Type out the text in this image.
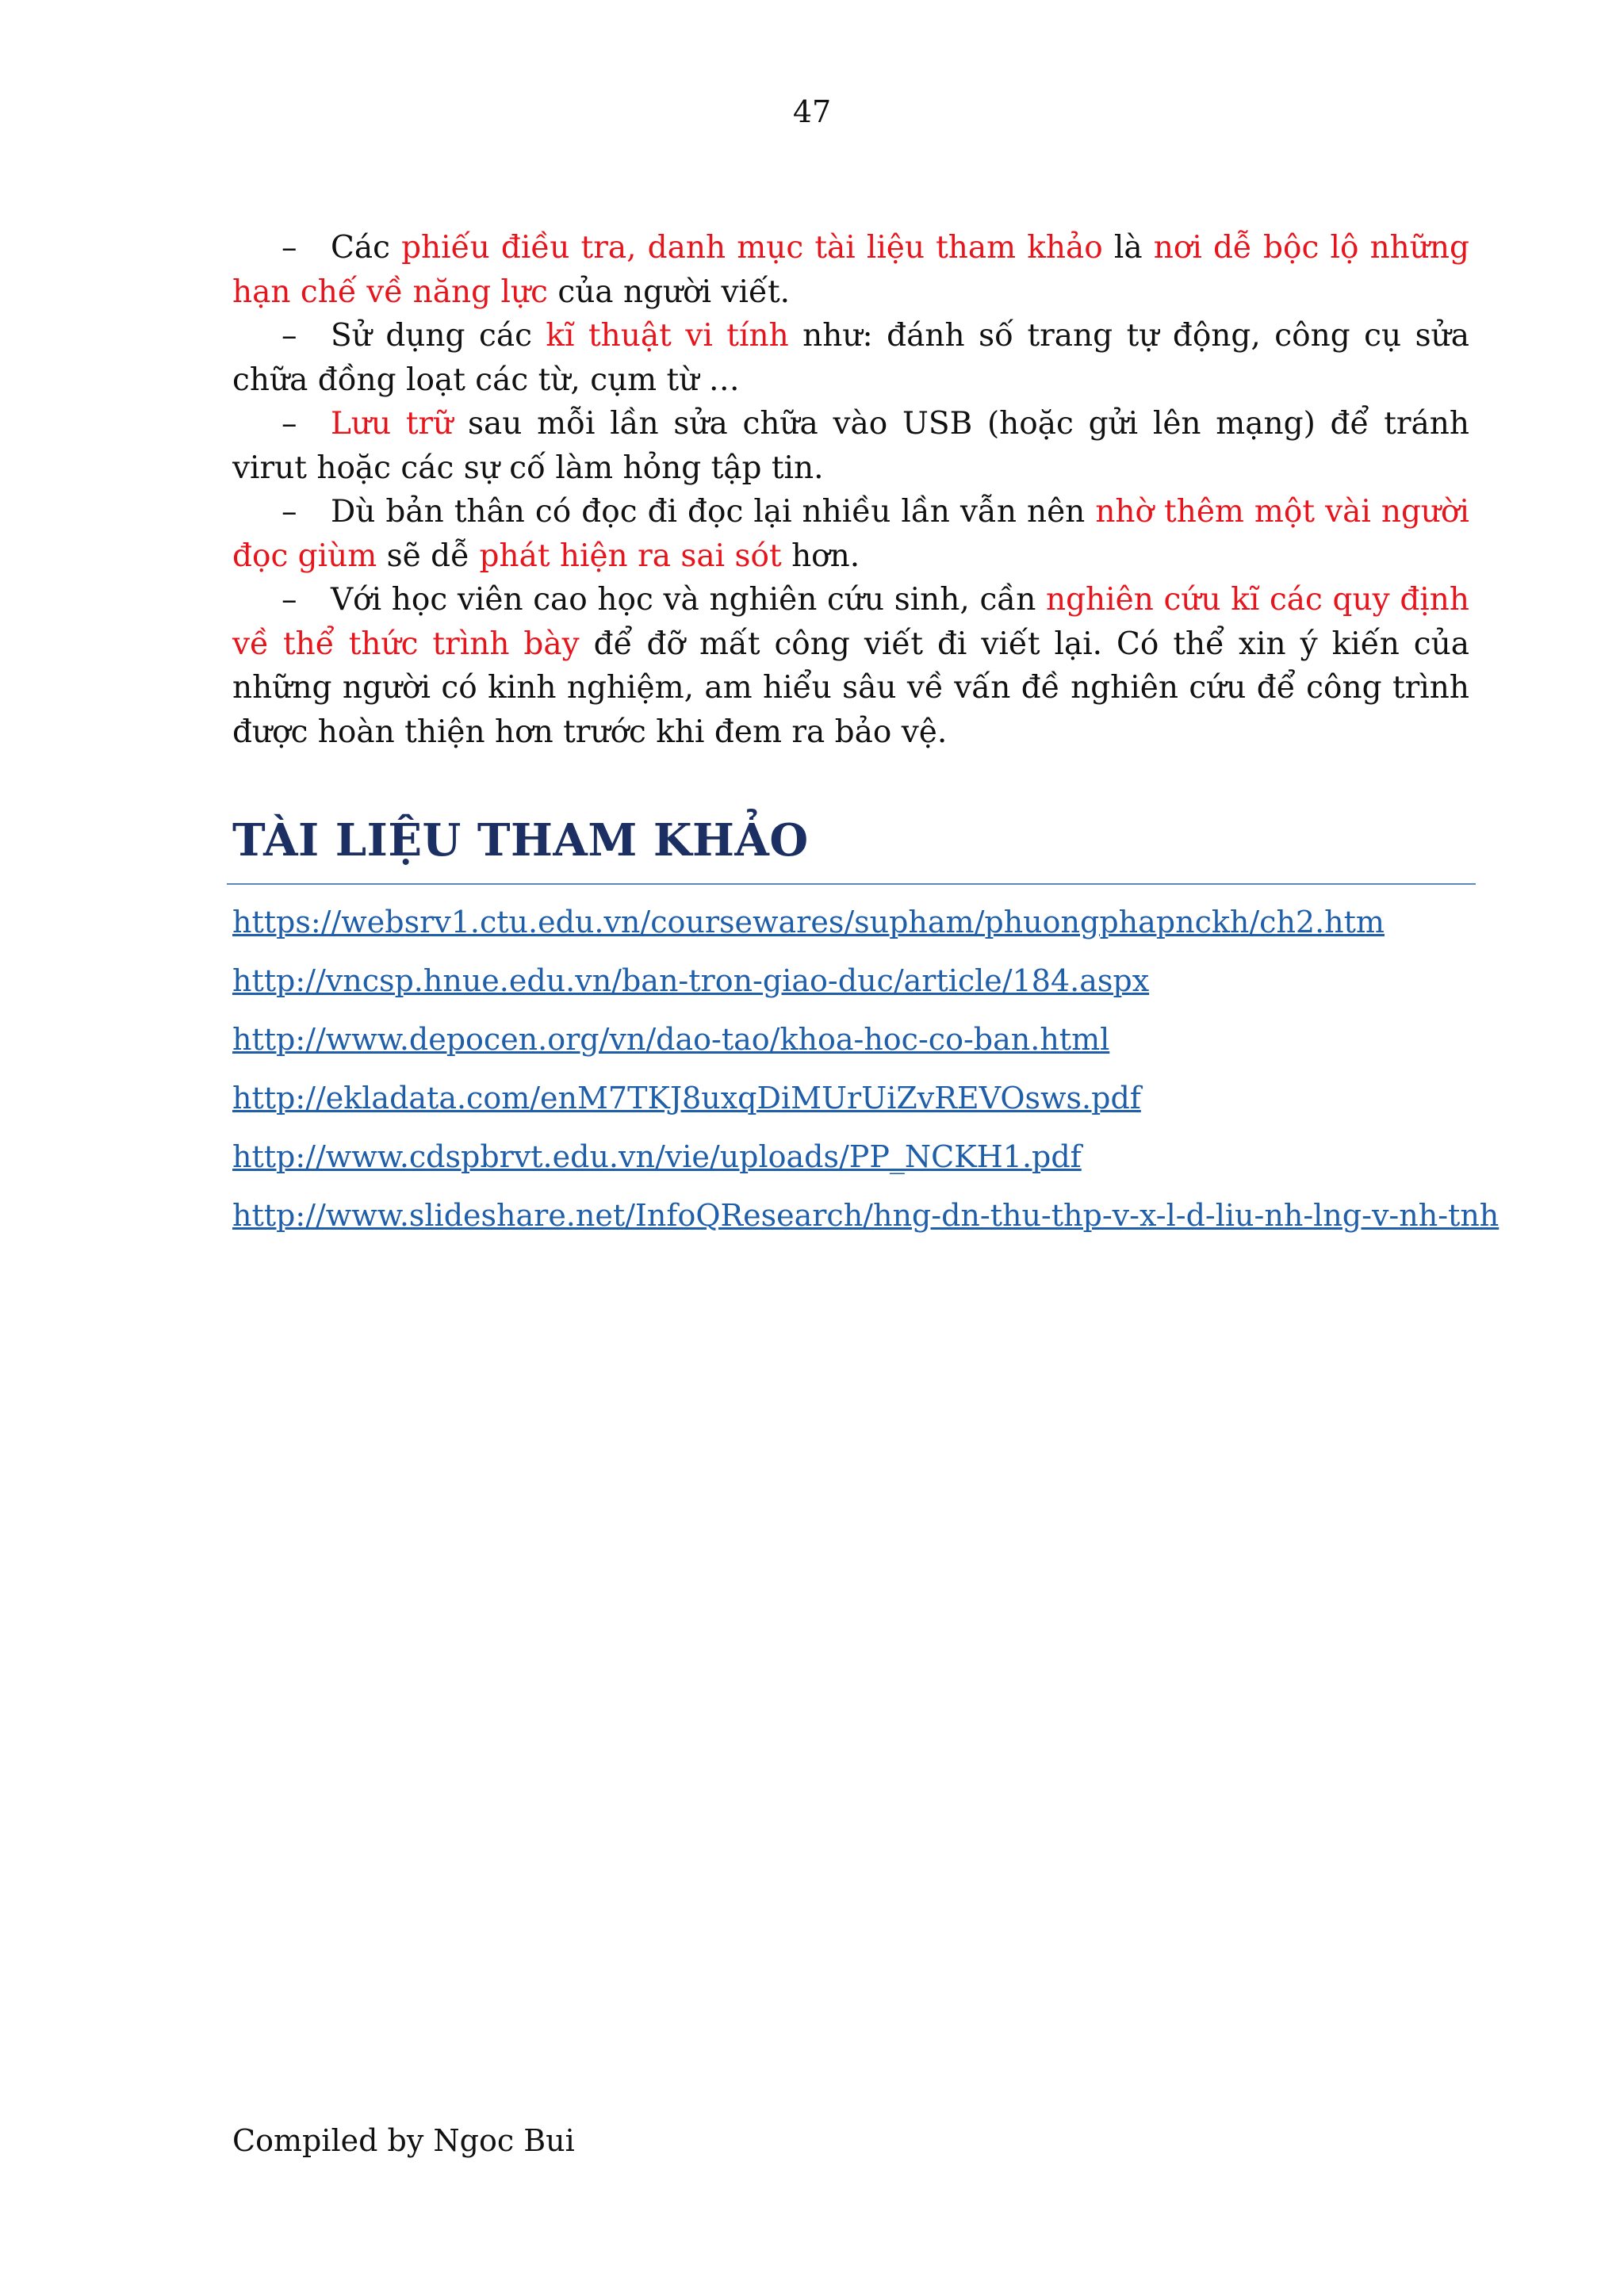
47

– Các phiếu điều tra, danh mục tài liệu tham khảo là nơi dễ bộc lộ những hạn chế về năng lực của người viết.

– Sử dụng các kĩ thuật vi tính như: đánh số trang tự động, công cụ sửa chữa đồng loạt các từ, cụm từ …

– Lưu trữ sau mỗi lần sửa chữa vào USB (hoặc gửi lên mạng) để tránh virut hoặc các sự cố làm hỏng tập tin.

– Dù bản thân có đọc đi đọc lại nhiều lần vẫn nên nhờ thêm một vài người đọc giùm sẽ dễ phát hiện ra sai sót hơn.

– Với học viên cao học và nghiên cứu sinh, cần nghiên cứu kĩ các quy định về thể thức trình bày để đỡ mất công viết đi viết lại. Có thể xin ý kiến của những người có kinh nghiệm, am hiểu sâu về vấn đề nghiên cứu để công trình được hoàn thiện hơn trước khi đem ra bảo vệ.

TÀI LIỆU THAM KHẢO
https://websrv1.ctu.edu.vn/coursewares/supham/phuongphapnckh/ch2.htm
http://vncsp.hnue.edu.vn/ban-tron-giao-duc/article/184.aspx
http://www.depocen.org/vn/dao-tao/khoa-hoc-co-ban.html
http://ekladata.com/enM7TKJ8uxqDiMUrUiZvREVOsws.pdf
http://www.cdspbrvt.edu.vn/vie/uploads/PP_NCKH1.pdf
http://www.slideshare.net/InfoQResearch/hng-dn-thu-thp-v-x-l-d-liu-nh-lng-v-nh-tnh
Compiled by Ngoc Bui
